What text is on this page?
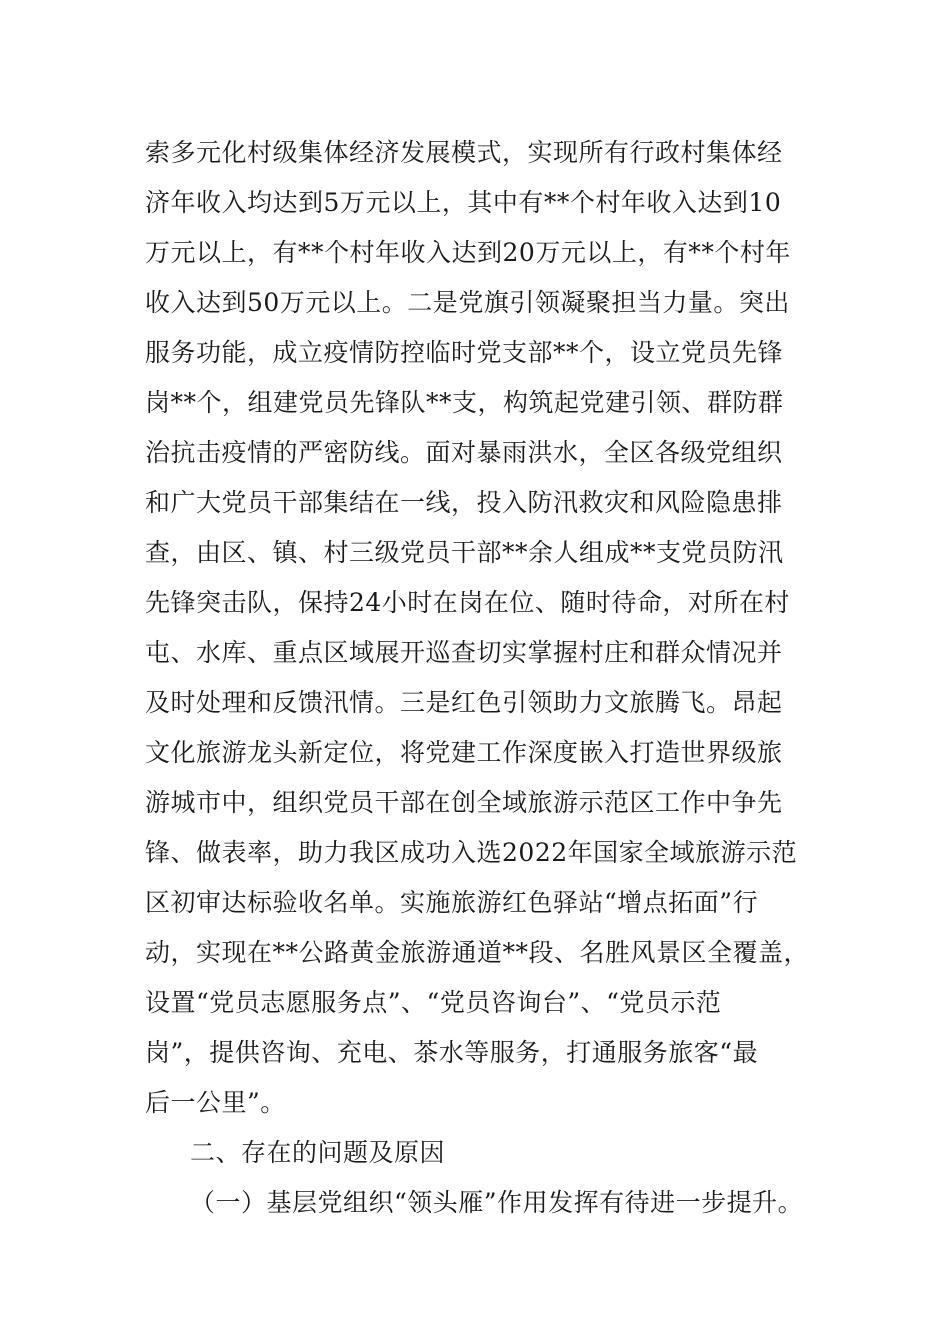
索多元化村级集体经济发展模式，实现所有行政村集体经
济年收入均达到5万元以上，其中有**个村年收入达到10
万元以上，有**个村年收入达到20万元以上，有**个村年
收入达到50万元以上。二是党旗引领凝聚担当力量。突出
服务功能，成立疫情防控临时党支部**个，设立党员先锋
岗**个，组建党员先锋队**支，构筑起党建引领、群防群
治抗击疫情的严密防线。面对暴雨洪水，全区各级党组织
和广大党员干部集结在一线，投入防汛救灾和风险隐患排
查，由区、镇、村三级党员干部**余人组成**支党员防汛
先锋突击队，保持24小时在岗在位、随时待命，对所在村
屯、水库、重点区域展开巡查切实掌握村庄和群众情况并
及时处理和反馈汛情。三是红色引领助力文旅腾飞。昂起
文化旅游龙头新定位，将党建工作深度嵌入打造世界级旅
游城市中，组织党员干部在创全域旅游示范区工作中争先
锋、做表率，助力我区成功入选2022年国家全域旅游示范
区初审达标验收名单。实施旅游红色驿站“增点拓面”行
动，实现在**公路黄金旅游通道**段、名胜风景区全覆盖，
设置“党员志愿服务点”、“党员咨询台”、“党员示范
岗”，提供咨询、充电、茶水等服务，打通服务旅客“最
后一公里”。
二、存在的问题及原因
（一）基层党组织“领头雁”作用发挥有待进一步提升。
